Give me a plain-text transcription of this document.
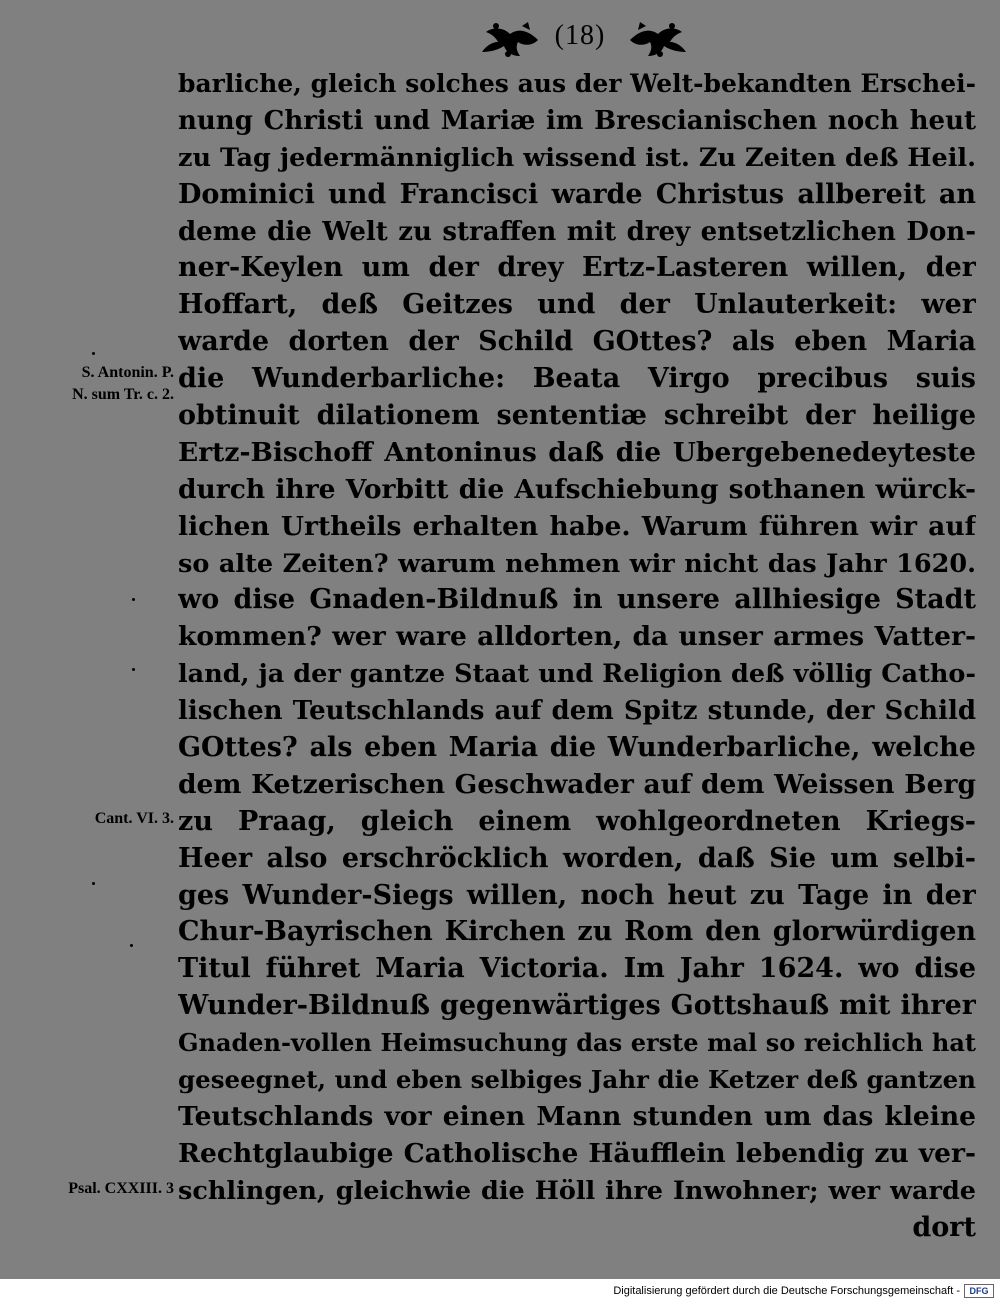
(18)
barliche, gleich solches aus der Welt-bekandten Erschei-
nung Christi und Mariæ im Brescianischen noch heut
zu Tag jedermänniglich wissend ist. Zu Zeiten deß Heil.
Dominici und Francisci warde Christus allbereit an
deme die Welt zu straffen mit drey entsetzlichen Don-
ner-Keylen um der drey Ertz-Lasteren willen, der
Hoffart, deß Geitzes und der Unlauterkeit: wer
warde dorten der Schild GOttes? als eben Maria
die Wunderbarliche: Beata Virgo precibus suis
obtinuit dilationem sententiæ schreibt der heilige
Ertz-Bischoff Antoninus daß die Ubergebenedeyteste
durch ihre Vorbitt die Aufschiebung sothanen würck-
lichen Urtheils erhalten habe. Warum führen wir auf
so alte Zeiten? warum nehmen wir nicht das Jahr 1620.
wo dise Gnaden-Bildnuß in unsere allhiesige Stadt
kommen? wer ware alldorten, da unser armes Vatter-
land, ja der gantze Staat und Religion deß völlig Catho-
lischen Teutschlands auf dem Spitz stunde, der Schild
GOttes? als eben Maria die Wunderbarliche, welche
dem Ketzerischen Geschwader auf dem Weissen Berg
zu Praag, gleich einem wohlgeordneten Kriegs-
Heer also erschröcklich worden, daß Sie um selbi-
ges Wunder-Siegs willen, noch heut zu Tage in der
Chur-Bayrischen Kirchen zu Rom den glorwürdigen
Titul führet Maria Victoria. Im Jahr 1624. wo dise
Wunder-Bildnuß gegenwärtiges Gottshauß mit ihrer
Gnaden-vollen Heimsuchung das erste mal so reichlich hat
geseegnet, und eben selbiges Jahr die Ketzer deß gantzen
Teutschlands vor einen Mann stunden um das kleine
Rechtglaubige Catholische Häufflein lebendig zu ver-
schlingen, gleichwie die Höll ihre Inwohner; wer warde
dort
S. Antonin. P.
N. sum Tr. c. 2.
Cant. VI. 3.
Psal. CXXIII. 3
Digitalisierung gefördert durch die Deutsche Forschungsgemeinschaft -	DFG
